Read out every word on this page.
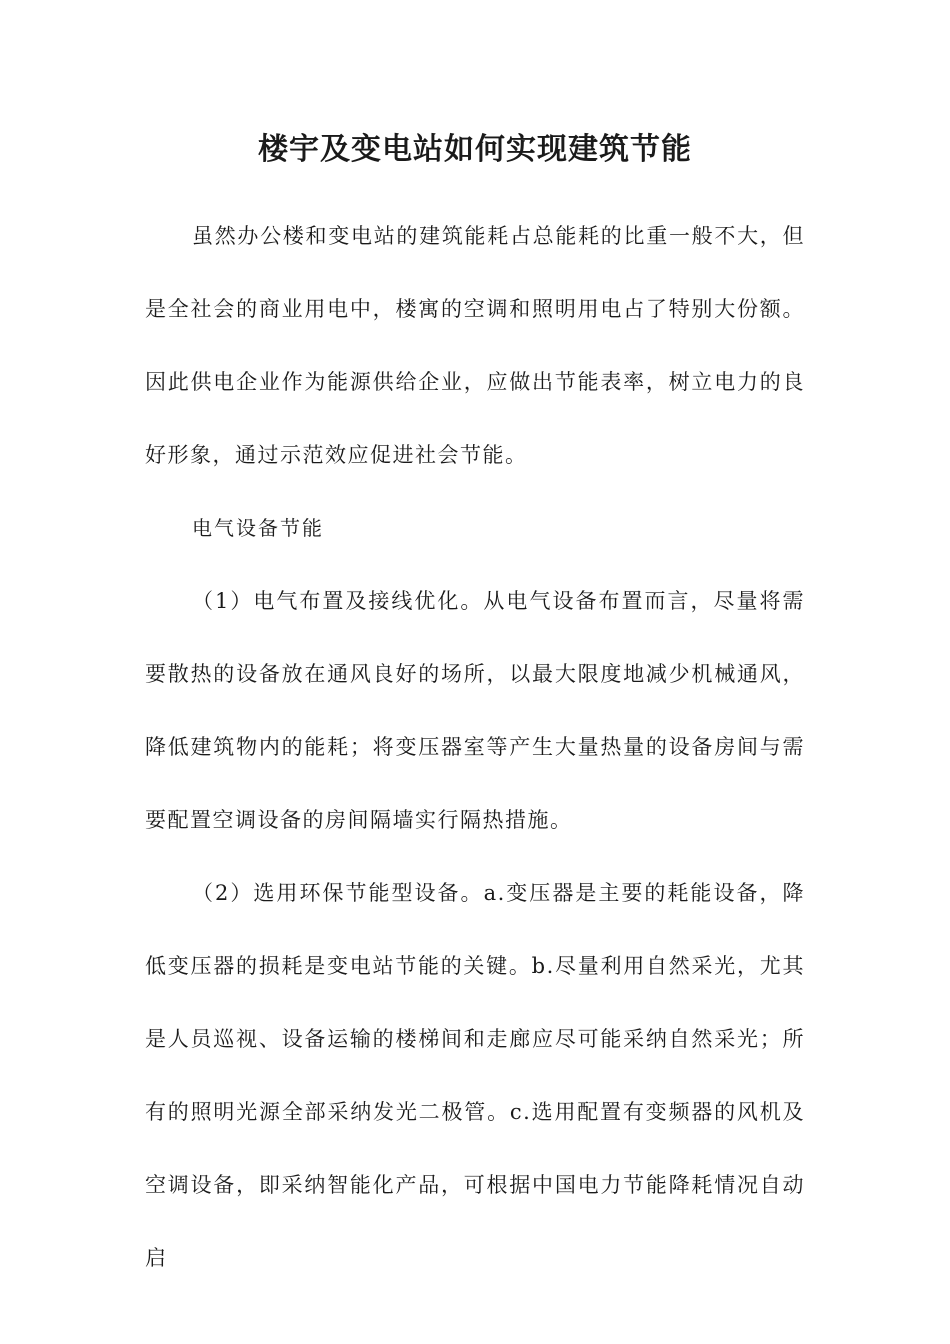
楼宇及变电站如何实现建筑节能

虽然办公楼和变电站的建筑能耗占总能耗的比重一般不大，但是全社会的商业用电中，楼寓的空调和照明用电占了特别大份额。因此供电企业作为能源供给企业，应做出节能表率，树立电力的良好形象，通过示范效应促进社会节能。

电气设备节能

（1）电气布置及接线优化。从电气设备布置而言，尽量将需要散热的设备放在通风良好的场所，以最大限度地减少机械通风，降低建筑物内的能耗；将变压器室等产生大量热量的设备房间与需要配置空调设备的房间隔墙实行隔热措施。

（2）选用环保节能型设备。a.变压器是主要的耗能设备，降低变压器的损耗是变电站节能的关键。b.尽量利用自然采光，尤其是人员巡视、设备运输的楼梯间和走廊应尽可能采纳自然采光；所有的照明光源全部采纳发光二极管。c.选用配置有变频器的风机及空调设备，即采纳智能化产品，可根据中国电力节能降耗情况自动启
